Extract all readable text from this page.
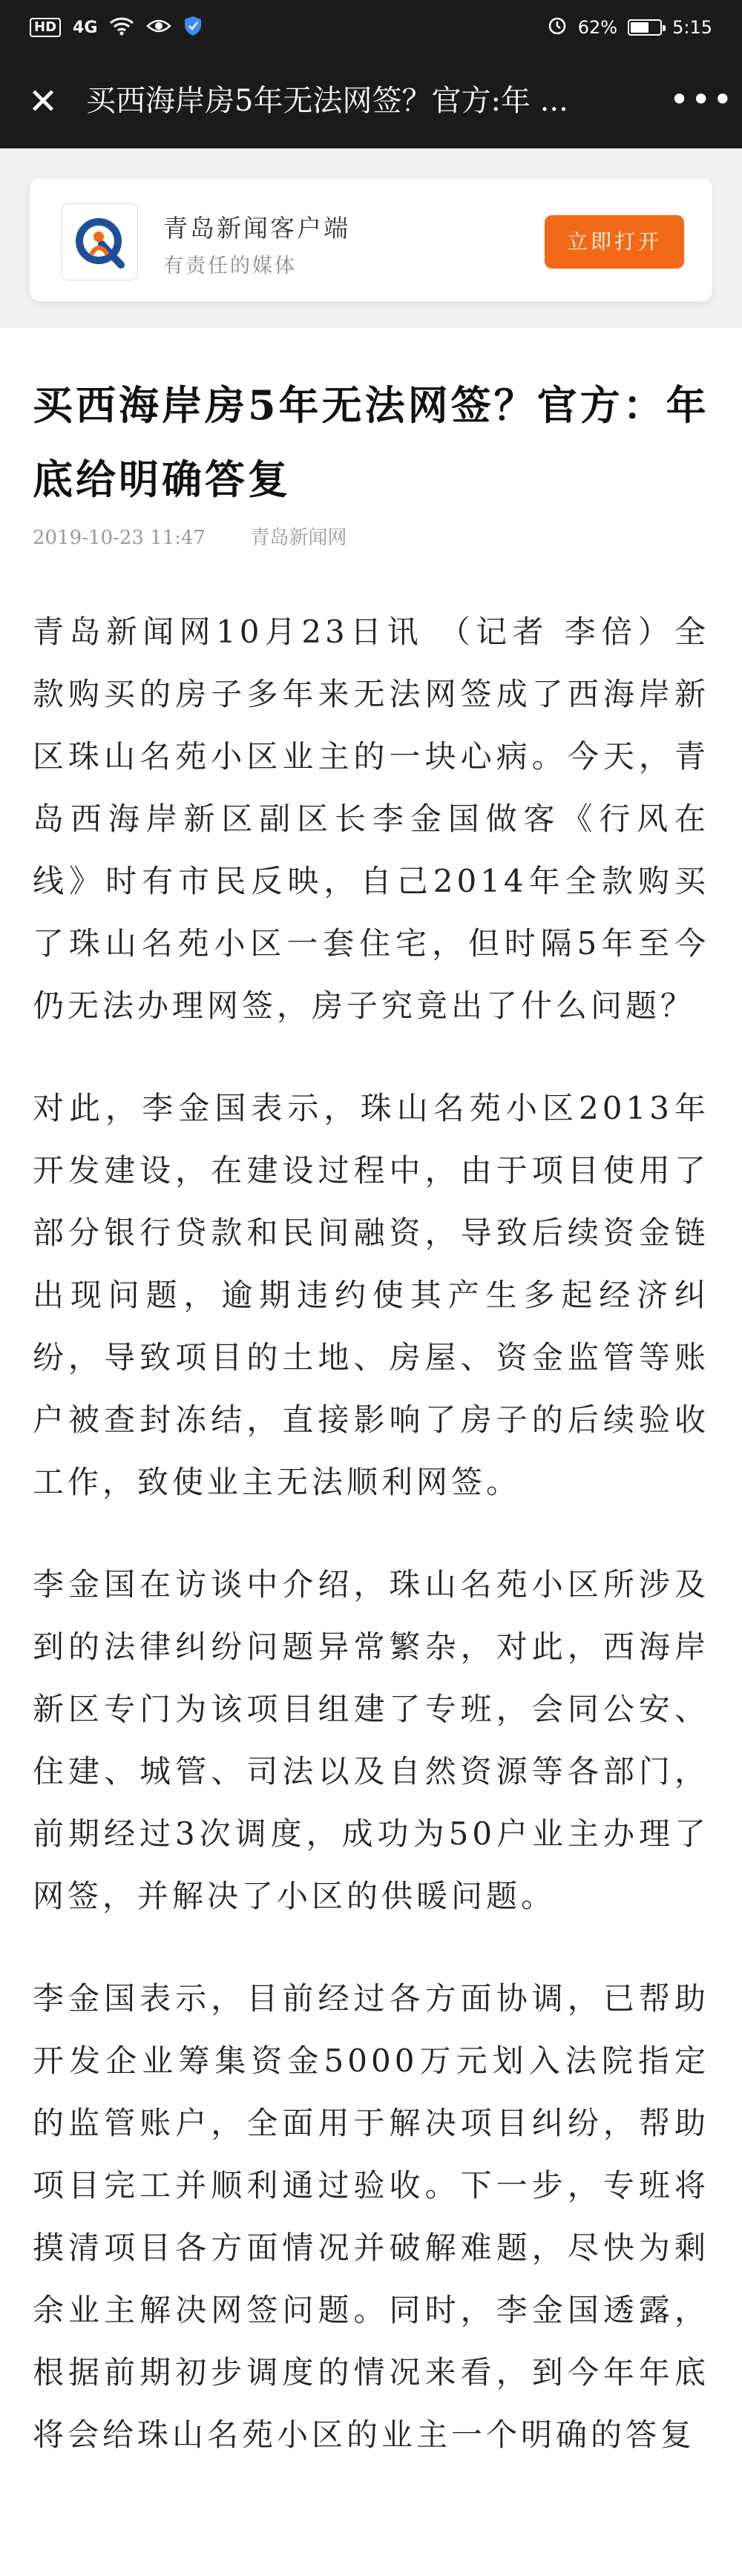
HD 4G	62%	5:15
✕ 买西海岸房5年无法网签？官方:年 ...	•••
青岛新闻客户端
有责任的媒体
立即打开
买西海岸房5年无法网签？官方：年底给明确答复
2019-10-23 11:47 青岛新闻网
青岛新闻网10月23日讯 （记者 李倍）全款购买的房子多年来无法网签成了西海岸新区珠山名苑小区业主的一块心病。今天，青岛西海岸新区副区长李金国做客《行风在线》时有市民反映，自己2014年全款购买了珠山名苑小区一套住宅，但时隔5年至今仍无法办理网签，房子究竟出了什么问题？
对此，李金国表示，珠山名苑小区2013年开发建设，在建设过程中，由于项目使用了部分银行贷款和民间融资，导致后续资金链出现问题，逾期违约使其产生多起经济纠纷，导致项目的土地、房屋、资金监管等账户被查封冻结，直接影响了房子的后续验收工作，致使业主无法顺利网签。
李金国在访谈中介绍，珠山名苑小区所涉及到的法律纠纷问题异常繁杂，对此，西海岸新区专门为该项目组建了专班，会同公安、住建、城管、司法以及自然资源等各部门，前期经过3次调度，成功为50户业主办理了网签，并解决了小区的供暖问题。
李金国表示，目前经过各方面协调，已帮助开发企业筹集资金5000万元划入法院指定的监管账户，全面用于解决项目纠纷，帮助项目完工并顺利通过验收。下一步，专班将摸清项目各方面情况并破解难题，尽快为剩余业主解决网签问题。同时，李金国透露，根据前期初步调度的情况来看，到今年年底将会给珠山名苑小区的业主一个明确的答复
